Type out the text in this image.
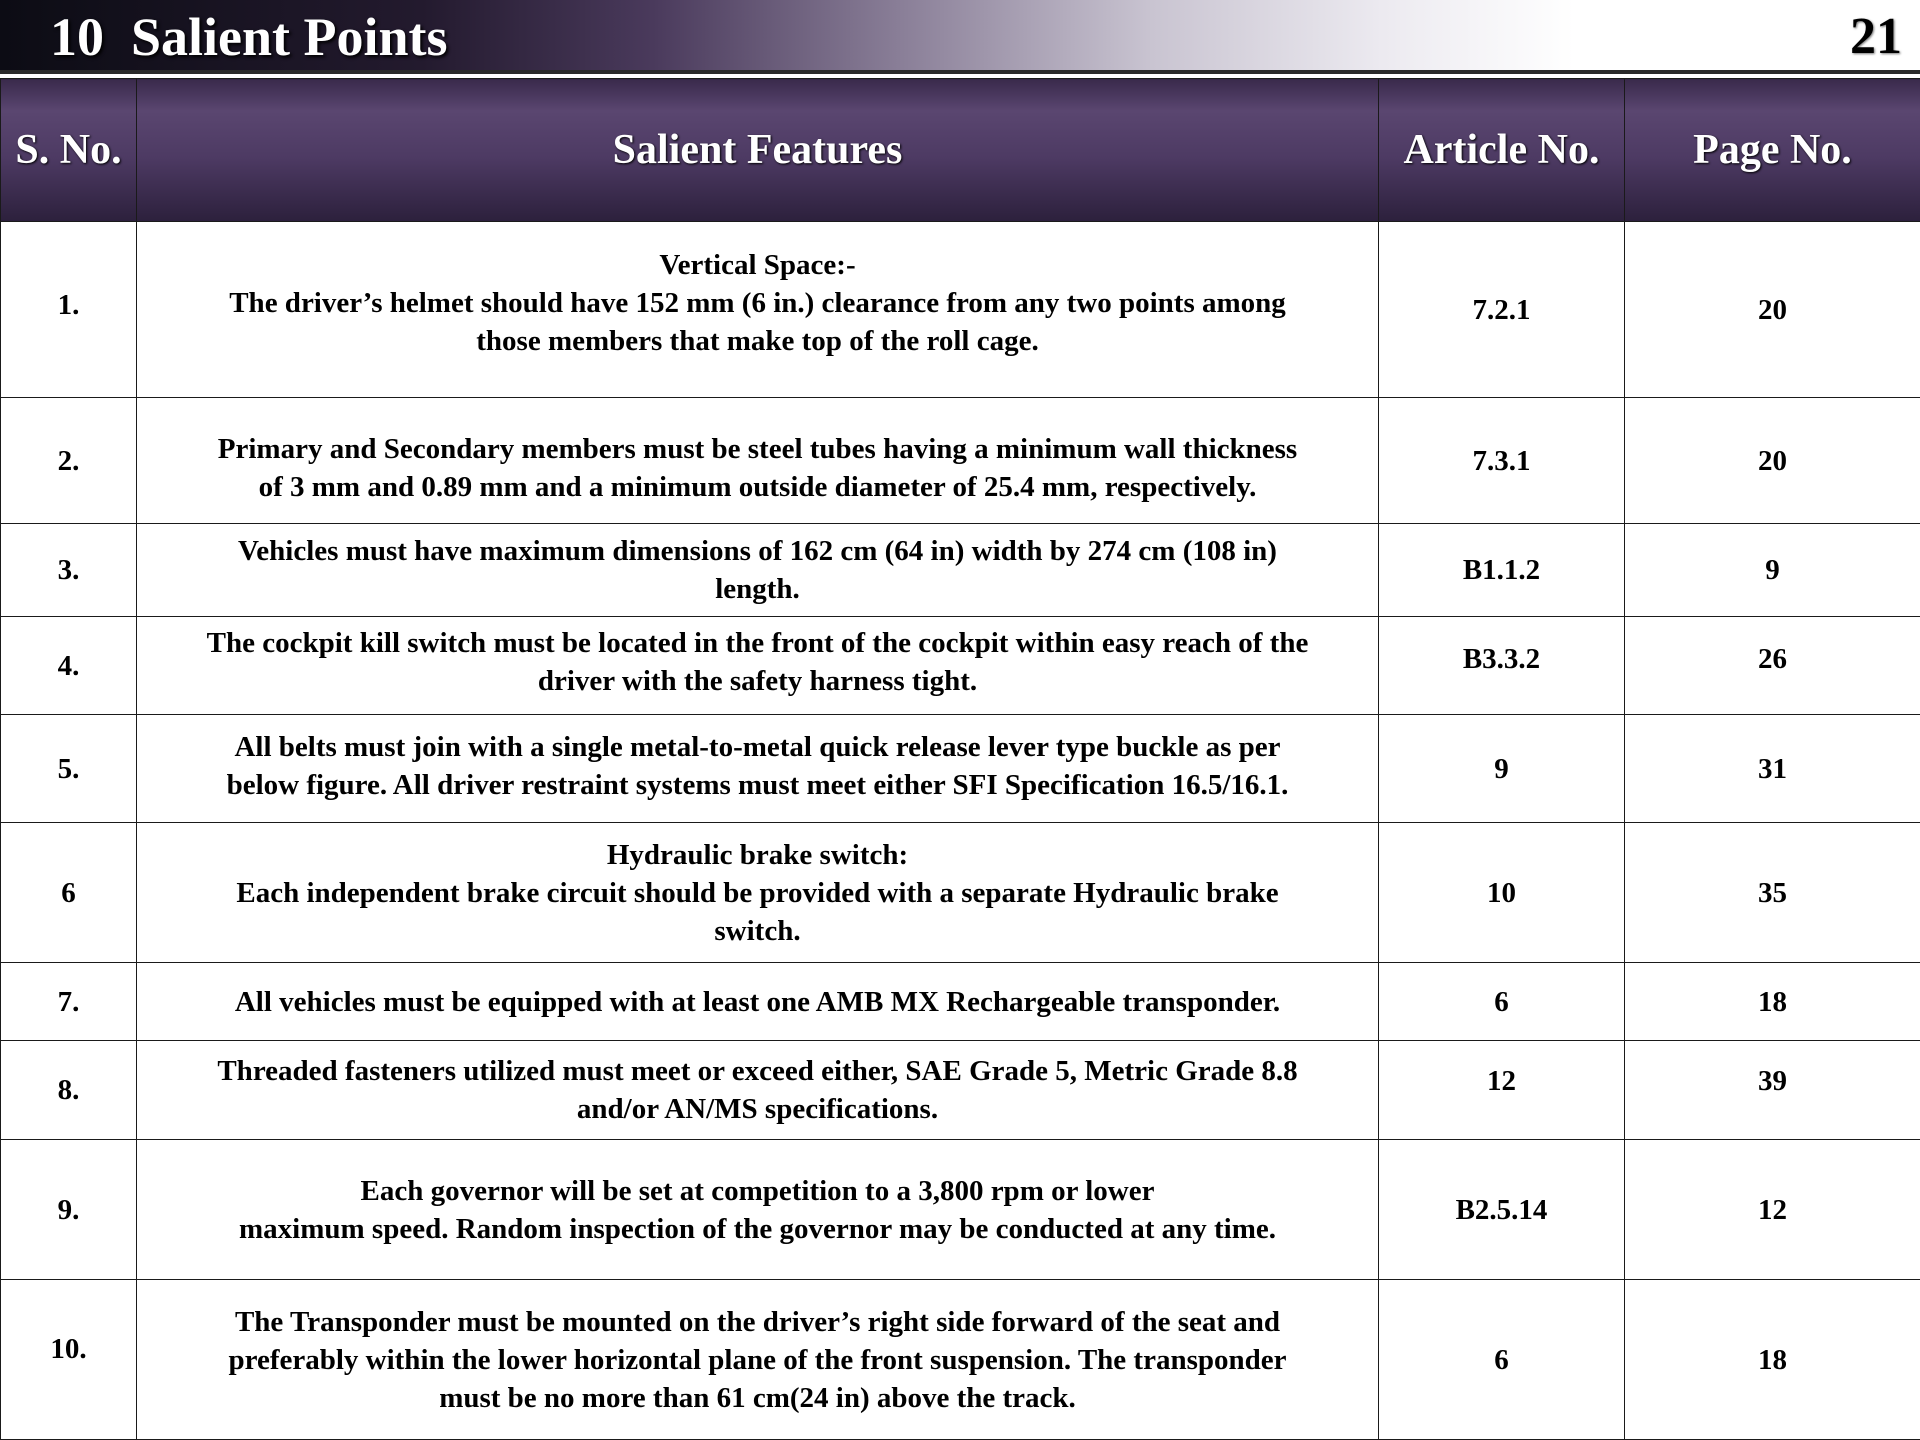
10  Salient Points	21
S. No.	Salient Features	Article No.	Page No.
1.	Vertical Space:-
The driver’s helmet should have 152 mm (6 in.) clearance from any two points among
those members that make top of the roll cage.	7.2.1	20
2.	Primary and Secondary members must be steel tubes having a minimum wall thickness
of 3 mm and 0.89 mm and a minimum outside diameter of 25.4 mm, respectively.	7.3.1	20
3.	Vehicles must have maximum dimensions of 162 cm (64 in) width by 274 cm (108 in)
length.	B1.1.2	9
4.	The cockpit kill switch must be located in the front of the cockpit within easy reach of the
driver with the safety harness tight.	B3.3.2	26
5.	All belts must join with a single metal-to-metal quick release lever type buckle as per
below figure. All driver restraint systems must meet either SFI Specification 16.5/16.1.	9	31
6	Hydraulic brake switch:
Each independent brake circuit should be provided with a separate Hydraulic brake
switch.	10	35
7.	All vehicles must be equipped with at least one AMB MX Rechargeable transponder.	6	18
8.	Threaded fasteners utilized must meet or exceed either, SAE Grade 5, Metric Grade 8.8
and/or AN/MS specifications.	12	39
9.	Each governor will be set at competition to a 3,800 rpm or lower
maximum speed. Random inspection of the governor may be conducted at any time.	B2.5.14	12
10.	The Transponder must be mounted on the driver’s right side forward of the seat and
preferably within the lower horizontal plane of the front suspension. The transponder
must be no more than 61 cm(24 in) above the track.	6	18
